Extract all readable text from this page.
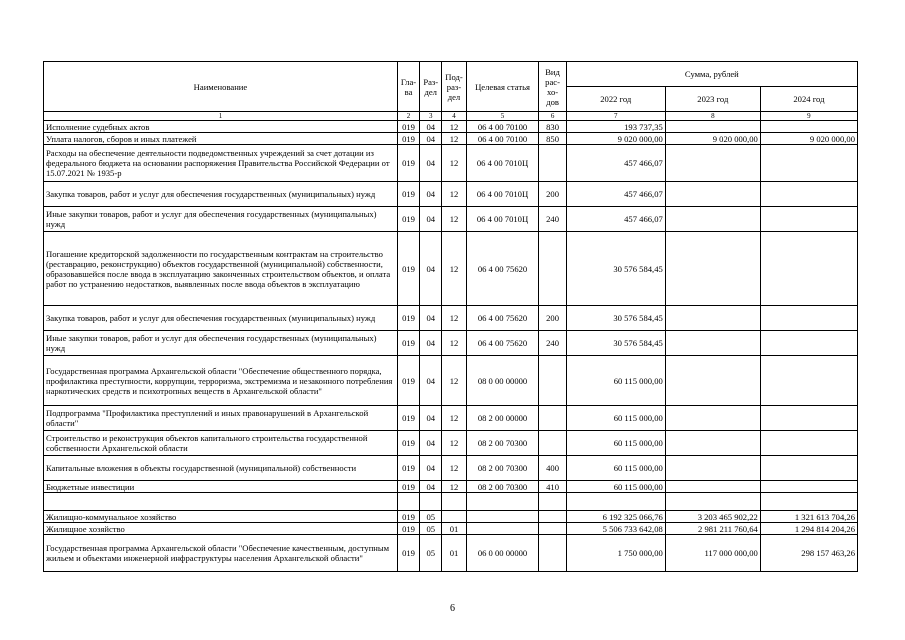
Наименование	Гла-ва	Раз-дел	Под-раз-дел	Целевая статья	Вид рас-хо-дов	Сумма, рублей		
						2022 год	2023 год	2024 год
1	2	3	4	5	6	7	8	9
Исполнение судебных актов	019	04	12	06 4 00 70100	830	193 737,35		
Уплата налогов, сборов и иных платежей	019	04	12	06 4 00 70100	850	9 020 000,00	9 020 000,00	9 020 000,00
Расходы на обеспечение деятельности подведомственных учреждений за счет дотации из федерального бюджета на основании распоряжения Правительства Российской Федерации от 15.07.2021 № 1935-р	019	04	12	06 4 00 7010Ц		457 466,07		
Закупка товаров, работ и услуг для обеспечения государственных (муниципальных) нужд	019	04	12	06 4 00 7010Ц	200	457 466,07		
Иные закупки товаров, работ и услуг для обеспечения государственных (муниципальных) нужд	019	04	12	06 4 00 7010Ц	240	457 466,07		
Погашение кредиторской задолженности по государственным контрактам на строительство (реставрацию, реконструкцию) объектов государственной (муниципальной) собственности, образовавшейся после ввода в эксплуатацию законченных строительством объектов, и оплата работ по устранению недостатков, выявленных после ввода объектов в эксплуатацию	019	04	12	06 4 00 75620		30 576 584,45		
Закупка товаров, работ и услуг для обеспечения государственных (муниципальных) нужд	019	04	12	06 4 00 75620	200	30 576 584,45		
Иные закупки товаров, работ и услуг для обеспечения государственных (муниципальных) нужд	019	04	12	06 4 00 75620	240	30 576 584,45		
Государственная программа Архангельской области "Обеспечение общественного порядка, профилактика преступности, коррупции, терроризма, экстремизма и незаконного потребления наркотических средств и психотропных веществ в Архангельской области"	019	04	12	08 0 00 00000		60 115 000,00		
Подпрограмма "Профилактика преступлений и иных правонарушений в Архангельской области"	019	04	12	08 2 00 00000		60 115 000,00		
Строительство и реконструкция объектов капитального строительства государственной собственности Архангельской области	019	04	12	08 2 00 70300		60 115 000,00		
Капитальные вложения в объекты государственной (муниципальной) собственности	019	04	12	08 2 00 70300	400	60 115 000,00		
Бюджетные инвестиции	019	04	12	08 2 00 70300	410	60 115 000,00		

Жилищно-коммунальное хозяйство	019	05				6 192 325 066,76	3 203 465 902,22	1 321 613 704,26
Жилищное хозяйство	019	05	01			5 506 733 642,08	2 981 211 760,64	1 294 814 204,26
Государственная программа Архангельской области "Обеспечение качественным, доступным жильем и объектами инженерной инфраструктуры населения Архангельской области"	019	05	01	06 0 00 00000		1 750 000,00	117 000 000,00	298 157 463,26
6
